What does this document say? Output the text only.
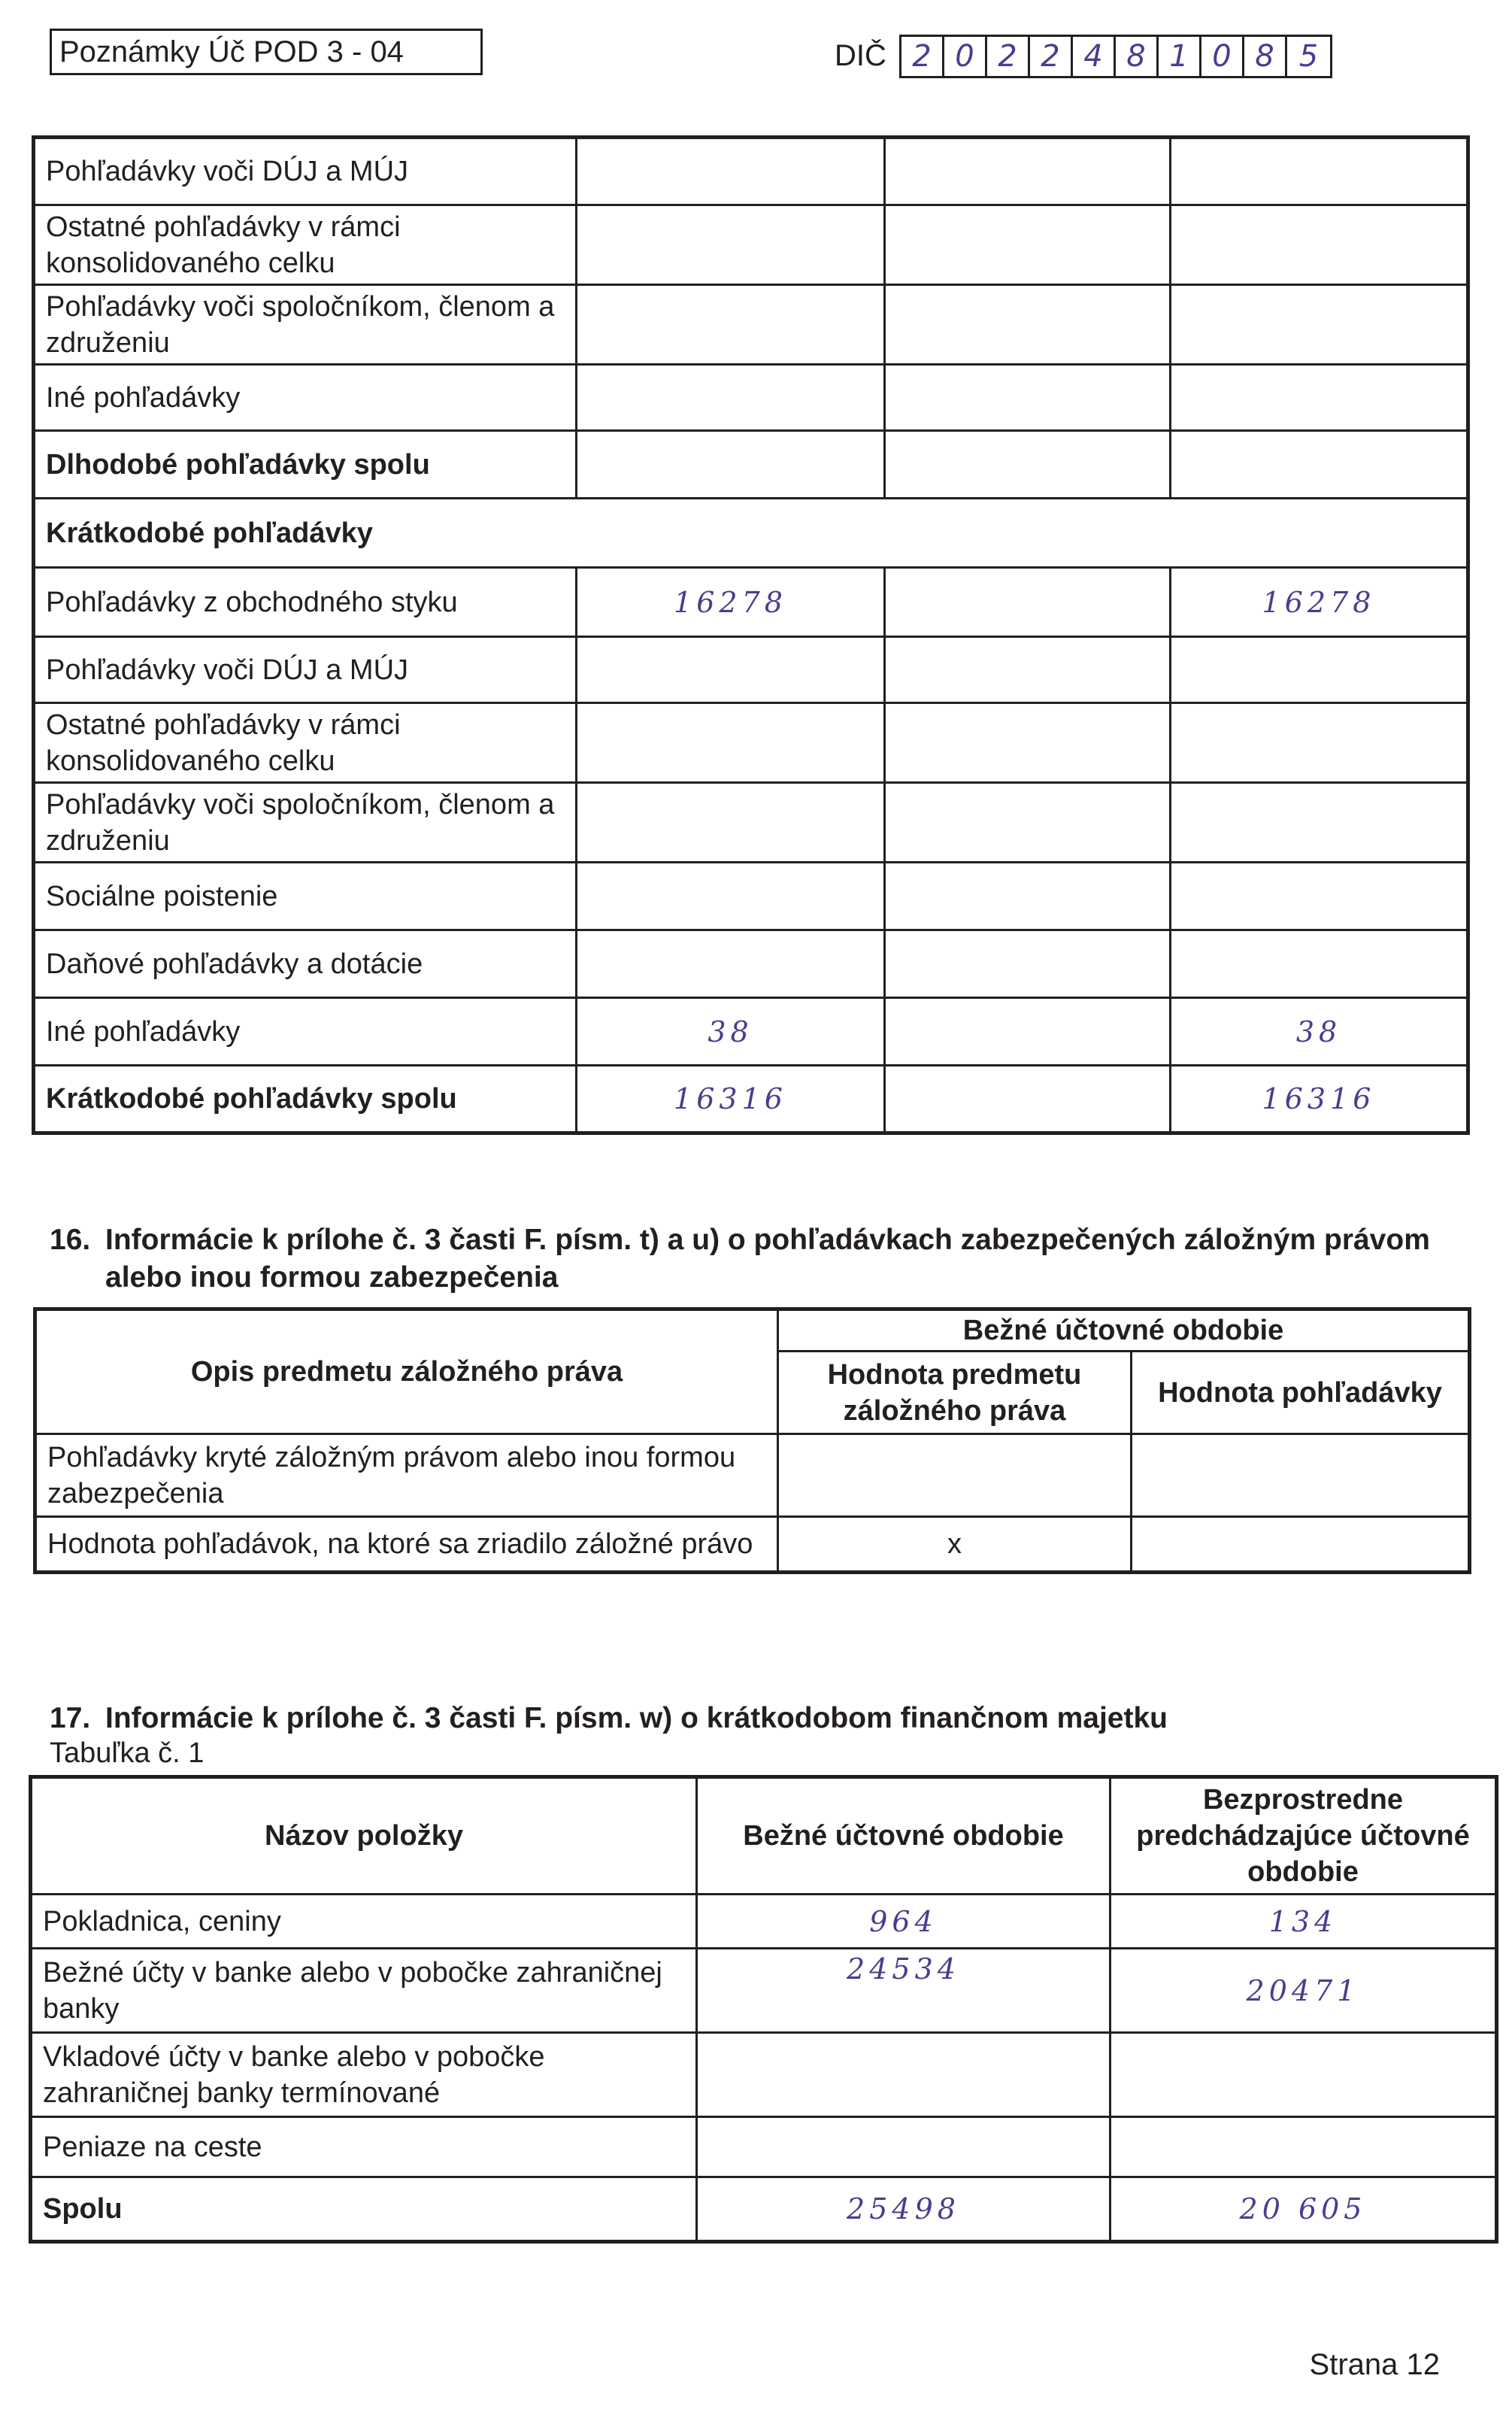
Poznámky Úč POD 3 - 04	DIČ 2 0 2 2 4 8 1 0 8 5
Pohľadávky voči DÚJ a MÚJ			
Ostatné pohľadávky v rámci konsolidovaného celku			
Pohľadávky voči spoločníkom, členom a združeniu			
Iné pohľadávky			
Dlhodobé pohľadávky spolu			
Krátkodobé pohľadávky			
Pohľadávky z obchodného styku	16278		16278
Pohľadávky voči DÚJ a MÚJ			
Ostatné pohľadávky v rámci konsolidovaného celku			
Pohľadávky voči spoločníkom, členom a združeniu			
Sociálne poistenie			
Daňové pohľadávky a dotácie			
Iné pohľadávky	38		38
Krátkodobé pohľadávky spolu	16316		16316
16. Informácie k prílohe č. 3 časti F. písm. t) a u) o pohľadávkach zabezpečených záložným právom alebo inou formou zabezpečenia
Opis predmetu záložného práva	Bežné účtovné obdobie	
	Hodnota predmetu záložného práva	Hodnota pohľadávky
Pohľadávky kryté záložným právom alebo inou formou zabezpečenia		
Hodnota pohľadávok, na ktoré sa zriadilo záložné právo	x	
17. Informácie k prílohe č. 3 časti F. písm. w) o krátkodobom finančnom majetku
Tabuľka č. 1
Názov položky	Bežné účtovné obdobie	Bezprostredne predchádzajúce účtovné obdobie
Pokladnica, ceniny	964	134
Bežné účty v banke alebo v pobočke zahraničnej banky	24534	20471
Vkladové účty v banke alebo v pobočke zahraničnej banky termínované		
Peniaze na ceste		
Spolu	25498	20 605
Strana 12
